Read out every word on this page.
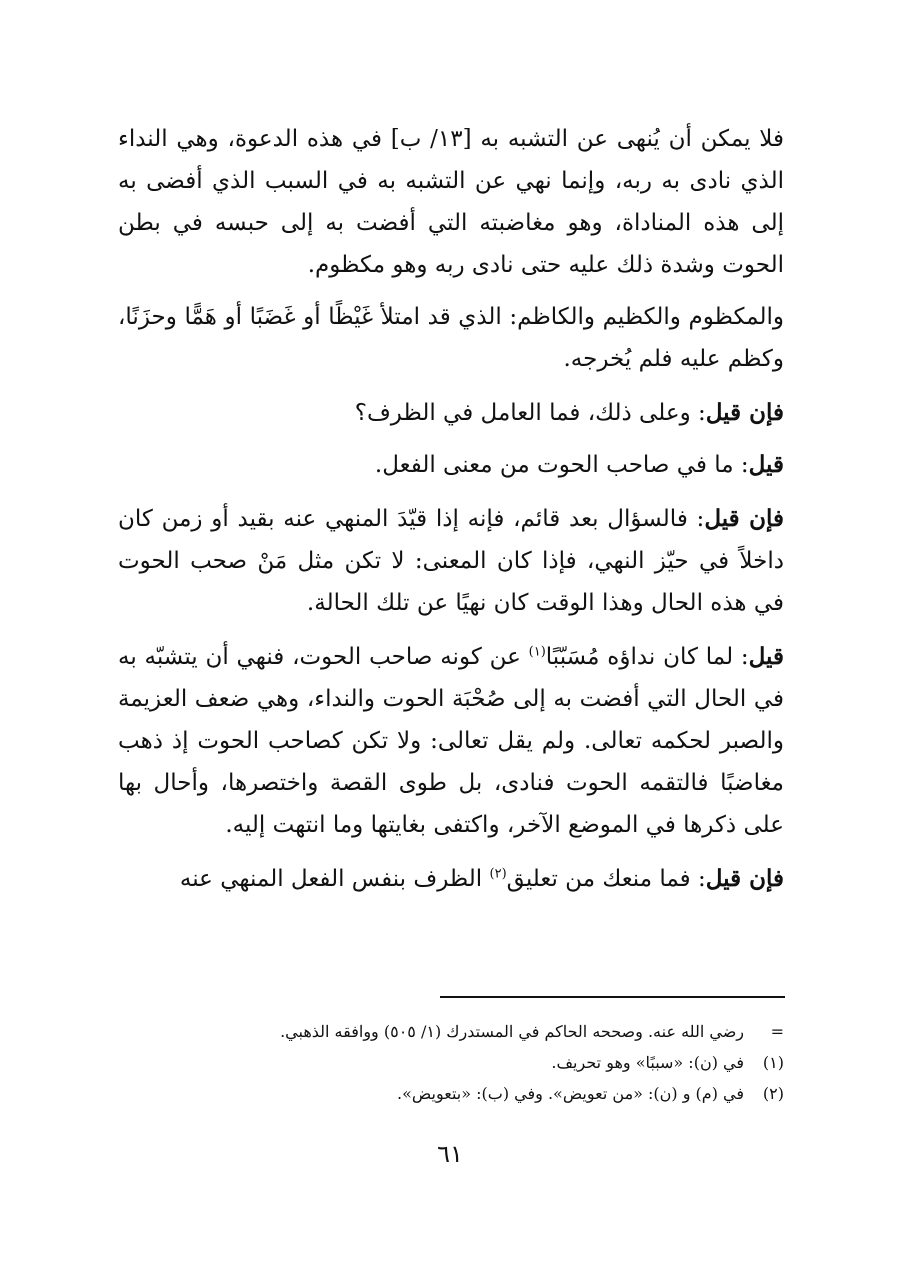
فلا يمكن أن يُنهى عن التشبه به [١٣/ ب] في هذه الدعوة، وهي النداء الذي نادى به ربه، وإنما نهي عن التشبه به في السبب الذي أفضى به إلى هذه المناداة، وهو مغاضبته التي أفضت به إلى حبسه في بطن الحوت وشدة ذلك عليه حتى نادى ربه وهو مكظوم.

والمكظوم والكظيم والكاظم: الذي قد امتلأ غَيْظًا أو غَضَبًا أو هَمًّا وحزَنًا، وكظم عليه فلم يُخرجه.

فإن قيل: وعلى ذلك، فما العامل في الظرف؟

قيل: ما في صاحب الحوت من معنى الفعل.

فإن قيل: فالسؤال بعد قائم، فإنه إذا قيّدَ المنهي عنه بقيد أو زمن كان داخلاً في حيّز النهي، فإذا كان المعنى: لا تكن مثل مَنْ صحب الحوت في هذه الحال وهذا الوقت كان نهيًا عن تلك الحالة.

قيل: لما كان نداؤه مُسَبّبًا$^{(١)}$ عن كونه صاحب الحوت، فنهي أن يتشبّه به في الحال التي أفضت به إلى صُحْبَة الحوت والنداء، وهي ضعف العزيمة والصبر لحكمه تعالى. ولم يقل تعالى: ولا تكن كصاحب الحوت إذ ذهب مغاضبًا فالتقمه الحوت فنادى، بل طوى القصة واختصرها، وأحال بها على ذكرها في الموضع الآخر، واكتفى بغايتها وما انتهت إليه.

فإن قيل: فما منعك من تعليق$^{(٢)}$ الظرف بنفس الفعل المنهي عنه

=
رضي الله عنه. وصححه الحاكم في المستدرك (١/ ٥٠٥) ووافقه الذهبي.
(١)
في (ن): «سببًا» وهو تحريف.
(٢)
في (م) و (ن): «من تعويض». وفي (ب): «بتعويض».
٦١
